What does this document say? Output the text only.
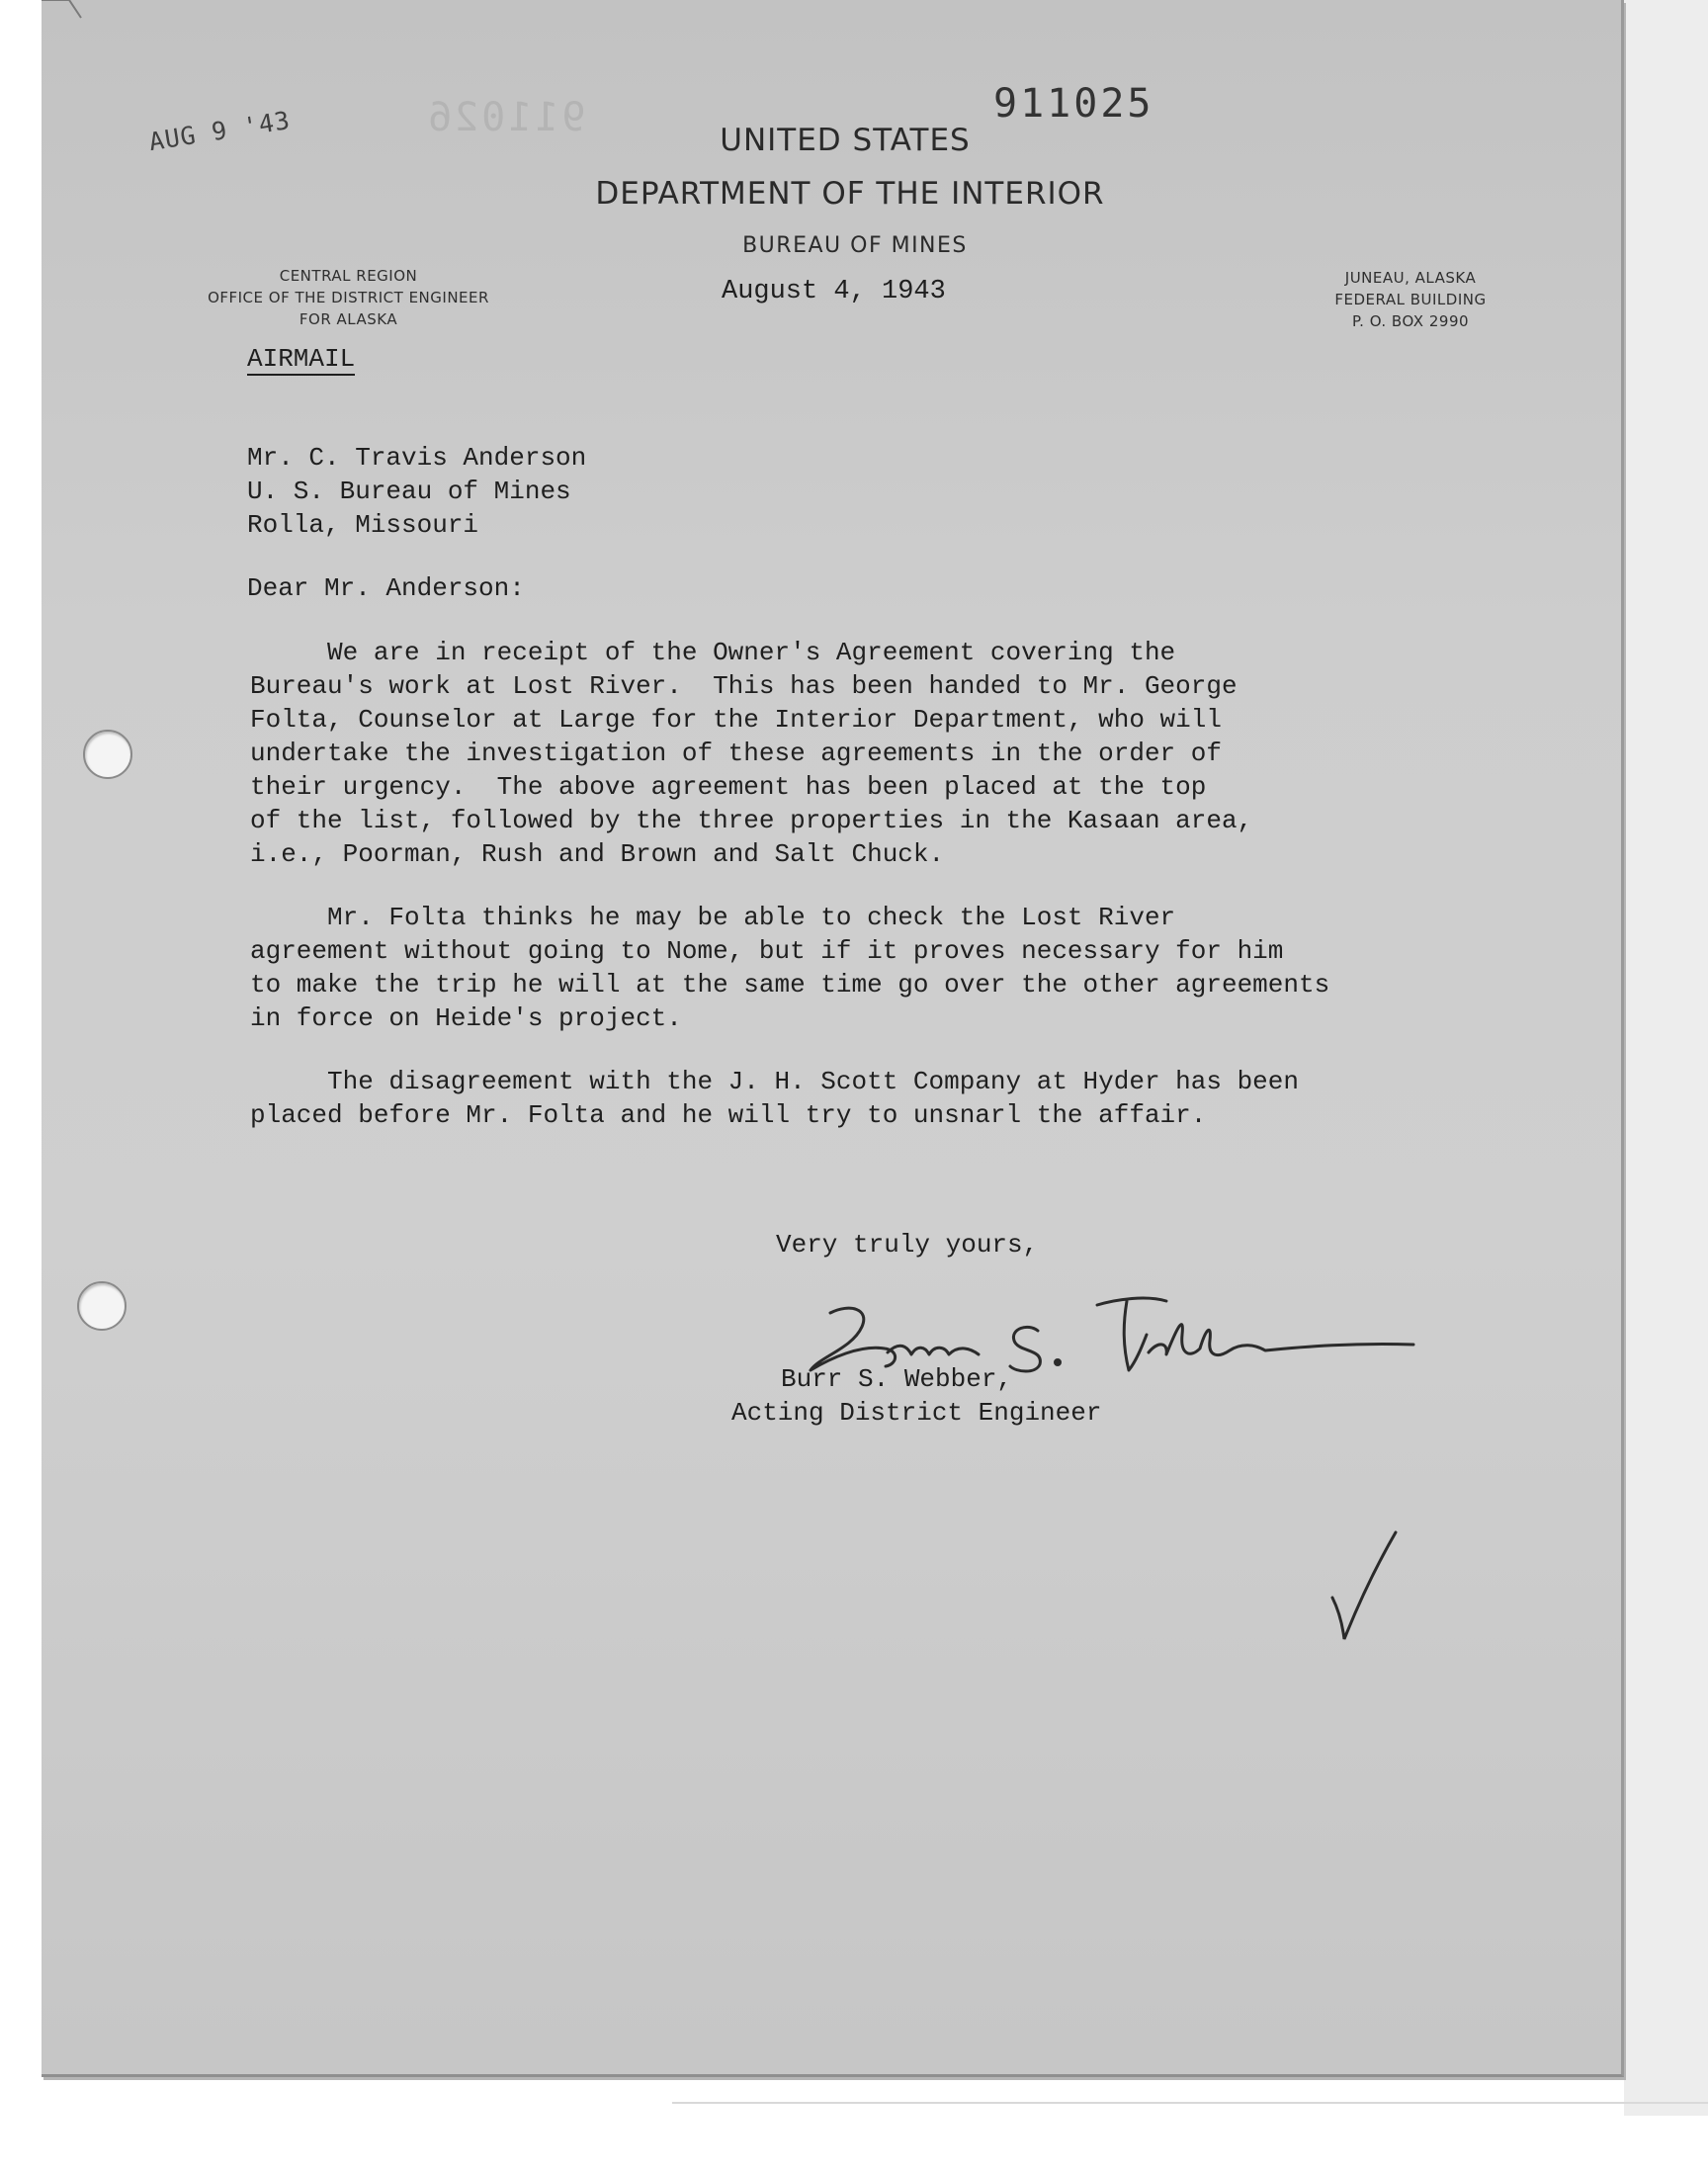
AUG 9 '43	911026	911025
UNITED STATES
DEPARTMENT OF THE INTERIOR
BUREAU OF MINES
CENTRAL REGION
OFFICE OF THE DISTRICT ENGINEER
FOR ALASKA
JUNEAU, ALASKA
FEDERAL BUILDING
P. O. BOX 2990
August 4, 1943
AIRMAIL
Mr. C. Travis Anderson
U. S. Bureau of Mines
Rolla, Missouri
Dear Mr. Anderson:
We are in receipt of the Owner's Agreement covering the
Bureau's work at Lost River.  This has been handed to Mr. George
Folta, Counselor at Large for the Interior Department, who will
undertake the investigation of these agreements in the order of
their urgency.  The above agreement has been placed at the top
of the list, followed by the three properties in the Kasaan area,
i.e., Poorman, Rush and Brown and Salt Chuck.
Mr. Folta thinks he may be able to check the Lost River
agreement without going to Nome, but if it proves necessary for him
to make the trip he will at the same time go over the other agreements
in force on Heide's project.
The disagreement with the J. H. Scott Company at Hyder has been
placed before Mr. Folta and he will try to unsnarl the affair.
Very truly yours,
Burr S. Webber,
Acting District Engineer
